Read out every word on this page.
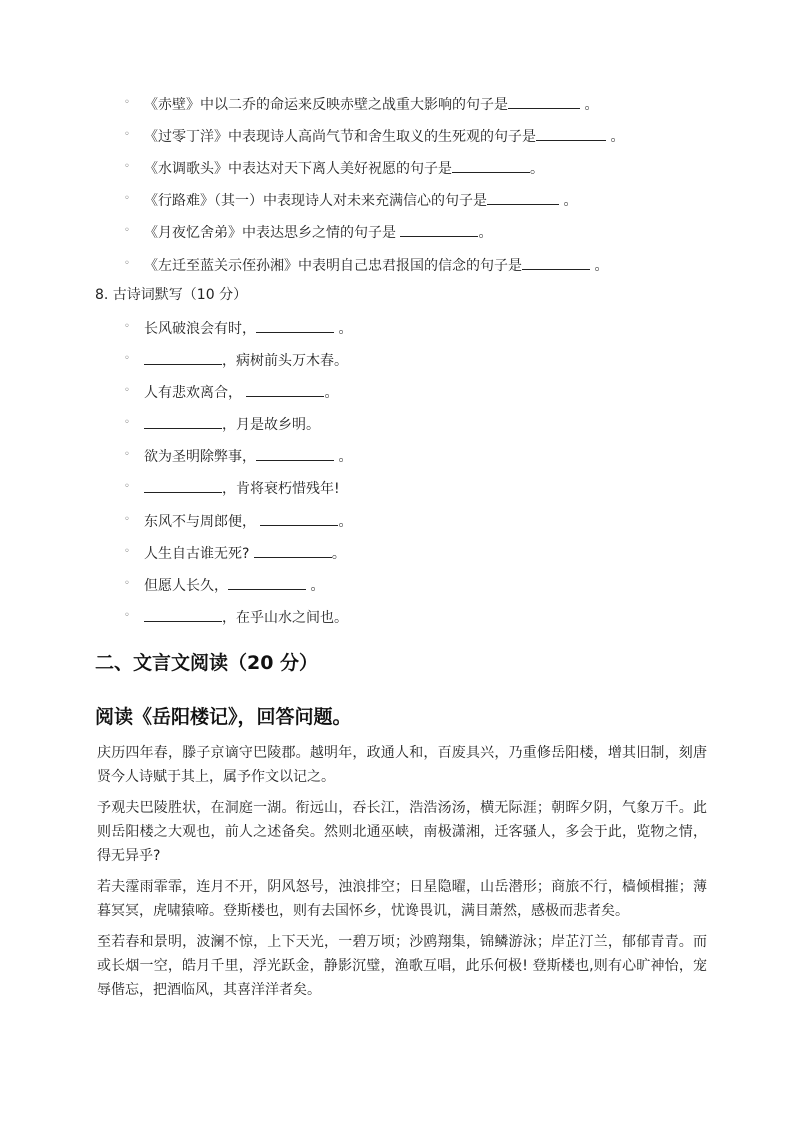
◦ 《赤壁》中以二乔的命运来反映赤壁之战重大影响的句子是	。
◦ 《过零丁洋》中表现诗人高尚气节和舍生取义的生死观的句子是	。
◦ 《水调歌头》中表达对天下离人美好祝愿的句子是	。
◦ 《行路难》（其一）中表现诗人对未来充满信心的句子是	。
◦ 《月夜忆舍弟》中表达思乡之情的句子是	。
◦ 《左迁至蓝关示侄孙湘》中表明自己忠君报国的信念的句子是	。
8. 古诗词默写（10 分）
◦ 长风破浪会有时，	。
◦	，病树前头万木春。
◦ 人有悲欢离合，	。
◦	，月是故乡明。
◦ 欲为圣明除弊事，	。
◦	，肯将衰朽惜残年!
◦ 东风不与周郎便，	。
◦ 人生自古谁无死?	。
◦ 但愿人长久，	。
◦	，在乎山水之间也。
二、文言文阅读（20 分）
阅读《岳阳楼记》，回答问题。
庆历四年春，滕子京谪守巴陵郡。越明年，政通人和，百废具兴，乃重修岳阳楼，增其旧制，刻唐贤今人诗赋于其上，属予作文以记之。
予观夫巴陵胜状，在洞庭一湖。衔远山，吞长江，浩浩汤汤，横无际涯；朝晖夕阴，气象万千。此则岳阳楼之大观也，前人之述备矣。然则北通巫峡，南极潇湘，迁客骚人，多会于此，览物之情，得无异乎?
若夫霪雨霏霏，连月不开，阴风怒号，浊浪排空；日星隐曜，山岳潜形；商旅不行，樯倾楫摧；薄暮冥冥，虎啸猿啼。登斯楼也，则有去国怀乡，忧谗畏讥，满目萧然，感极而悲者矣。
至若春和景明，波澜不惊，上下天光，一碧万顷；沙鸥翔集，锦鳞游泳；岸芷汀兰，郁郁青青。而或长烟一空，皓月千里，浮光跃金，静影沉璧，渔歌互唱，此乐何极! 登斯楼也,则有心旷神怡，宠辱偕忘，把酒临风，其喜洋洋者矣。
